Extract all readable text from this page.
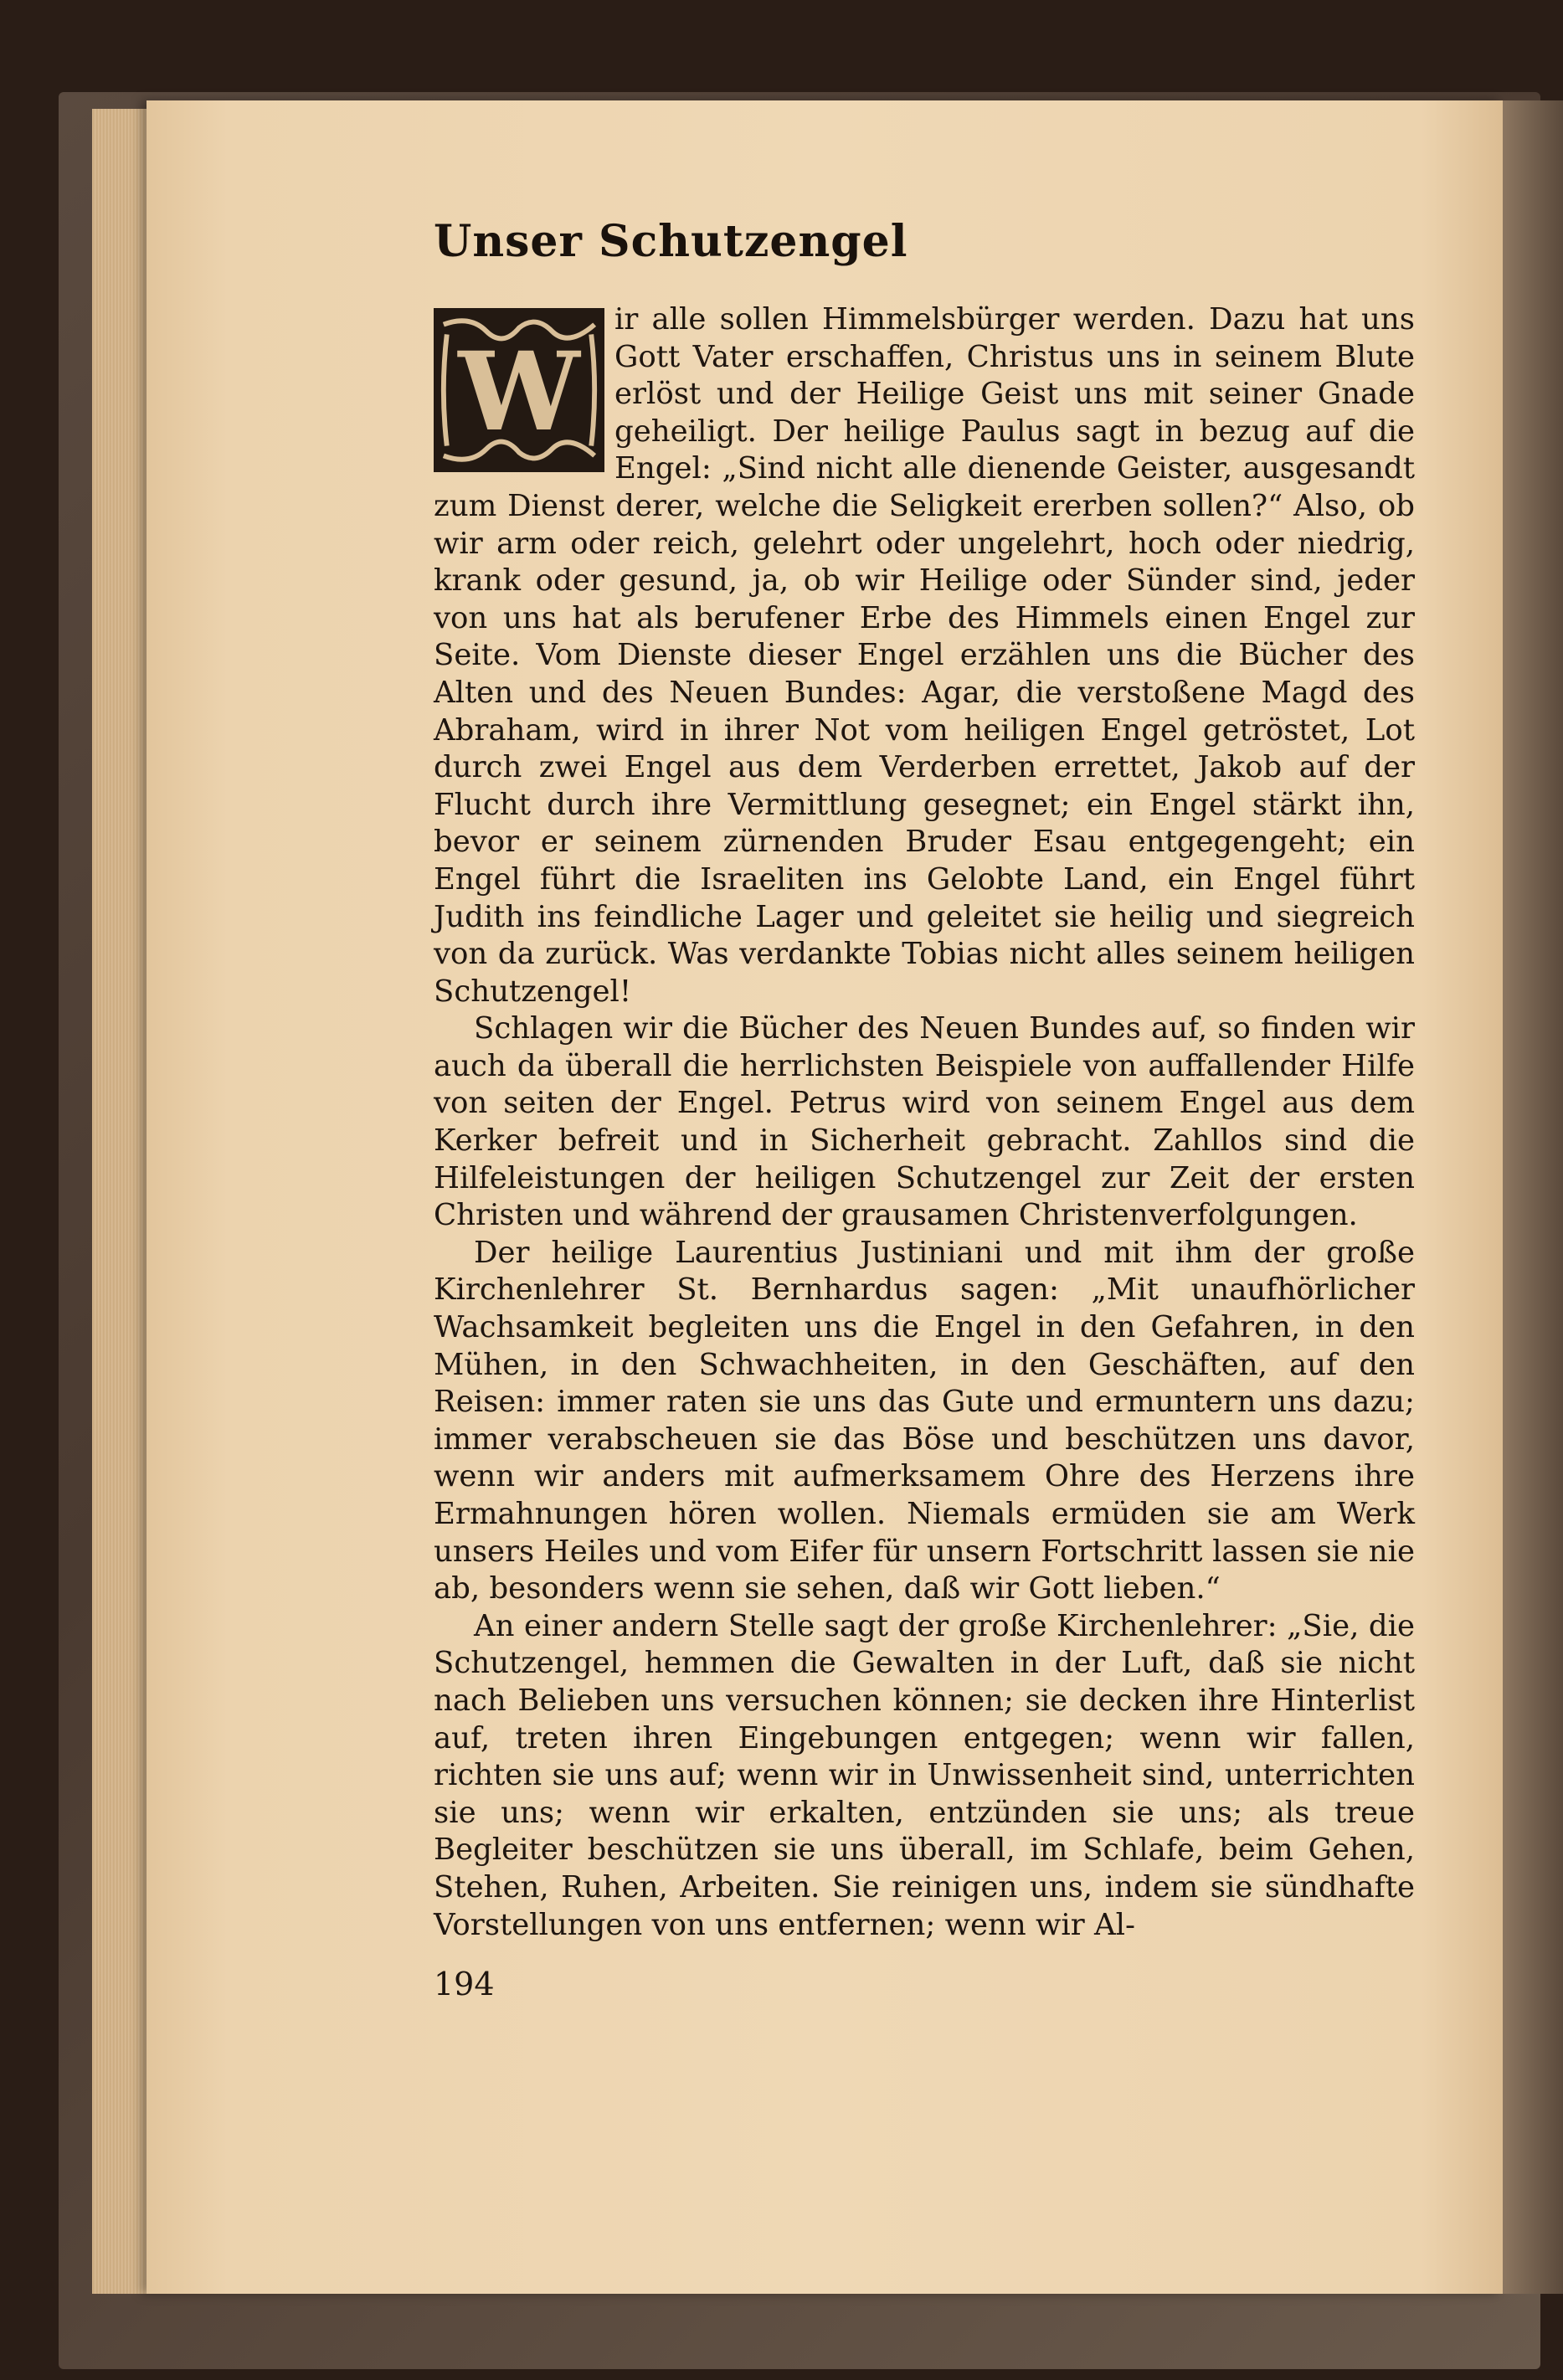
Unser Schutzengel

ir alle sollen Himmelsbürger werden. Dazu hat uns Gott Vater erschaffen, Christus uns in seinem Blute erlöst und der Heilige Geist uns mit seiner Gnade geheiligt. Der heilige Paulus sagt in bezug auf die Engel: „Sind nicht alle dienende Geister, ausgesandt zum Dienst derer, welche die Seligkeit ererben sollen?“ Also, ob wir arm oder reich, gelehrt oder ungelehrt, hoch oder niedrig, krank oder gesund, ja, ob wir Heilige oder Sünder sind, jeder von uns hat als berufener Erbe des Himmels einen Engel zur Seite. Vom Dienste dieser Engel erzählen uns die Bücher des Alten und des Neuen Bundes: Agar, die verstoßene Magd des Abraham, wird in ihrer Not vom heiligen Engel getröstet, Lot durch zwei Engel aus dem Verderben errettet, Jakob auf der Flucht durch ihre Vermittlung gesegnet; ein Engel stärkt ihn, bevor er seinem zürnenden Bruder Esau entgegengeht; ein Engel führt die Israeliten ins Gelobte Land, ein Engel führt Judith ins feindliche Lager und geleitet sie heilig und siegreich von da zurück. Was verdankte Tobias nicht alles seinem heiligen Schutzengel!

Schlagen wir die Bücher des Neuen Bundes auf, so finden wir auch da überall die herrlichsten Beispiele von auffallender Hilfe von seiten der Engel. Petrus wird von seinem Engel aus dem Kerker befreit und in Sicherheit gebracht. Zahllos sind die Hilfeleistungen der heiligen Schutzengel zur Zeit der ersten Christen und während der grausamen Christenverfolgungen.

Der heilige Laurentius Justiniani und mit ihm der große Kirchenlehrer St. Bernhardus sagen: „Mit unaufhörlicher Wachsamkeit begleiten uns die Engel in den Gefahren, in den Mühen, in den Schwachheiten, in den Geschäften, auf den Reisen: immer raten sie uns das Gute und ermuntern uns dazu; immer verabscheuen sie das Böse und beschützen uns davor, wenn wir anders mit aufmerksamem Ohre des Herzens ihre Ermahnungen hören wollen. Niemals ermüden sie am Werk unsers Heiles und vom Eifer für unsern Fortschritt lassen sie nie ab, besonders wenn sie sehen, daß wir Gott lieben.“

An einer andern Stelle sagt der große Kirchenlehrer: „Sie, die Schutzengel, hemmen die Gewalten in der Luft, daß sie nicht nach Belieben uns versuchen können; sie decken ihre Hinterlist auf, treten ihren Eingebungen entgegen; wenn wir fallen, richten sie uns auf; wenn wir in Unwissenheit sind, unterrichten sie uns; wenn wir erkalten, entzünden sie uns; als treue Begleiter beschützen sie uns überall, im Schlafe, beim Gehen, Stehen, Ruhen, Arbeiten. Sie reinigen uns, indem sie sündhafte Vorstellungen von uns entfernen; wenn wir Al-

W
194
